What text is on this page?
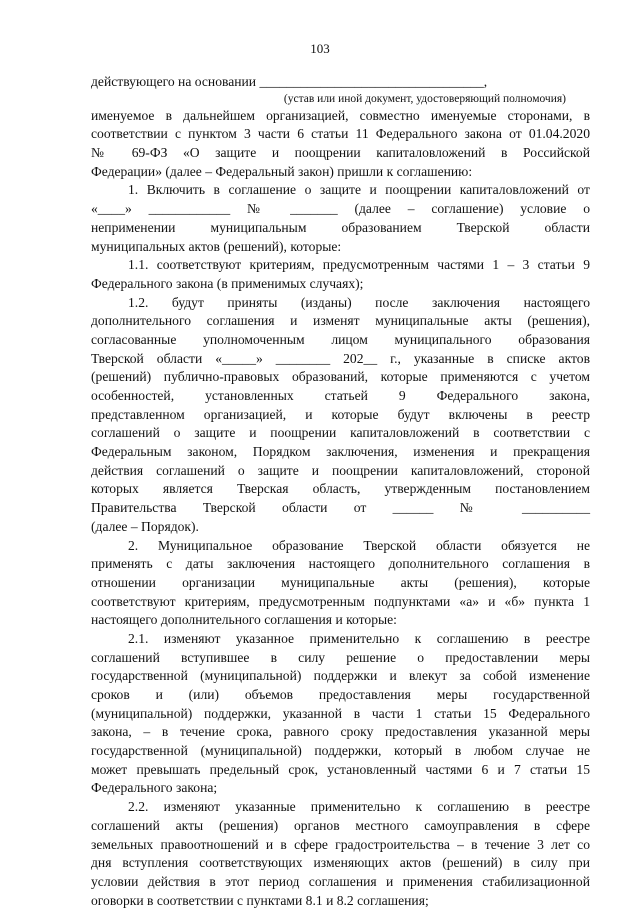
103
действующего на основании _________________________________,
(устав или иной документ, удостоверяющий полномочия)
именуемое в дальнейшем организацией, совместно именуемые сторонами, в
соответствии с пунктом 3 части 6 статьи 11 Федерального закона от 01.04.2020
№ 69-ФЗ «О защите и поощрении капиталовложений в Российской
Федерации» (далее – Федеральный закон) пришли к соглашению:
1. Включить в соглашение о защите и поощрении капиталовложений от
«____» ____________ № _______ (далее – соглашение) условие о
неприменении муниципальным образованием Тверской области
муниципальных актов (решений), которые:
1.1. соответствуют критериям, предусмотренным частями 1 – 3 статьи 9
Федерального закона (в применимых случаях);
1.2. будут приняты (изданы) после заключения настоящего
дополнительного соглашения и изменят муниципальные акты (решения),
согласованные уполномоченным лицом муниципального образования
Тверской области «_____» ________ 202__ г., указанные в списке актов
(решений) публично-правовых образований, которые применяются с учетом
особенностей, установленных статьей 9 Федерального закона,
представленном организацией, и которые будут включены в реестр
соглашений о защите и поощрении капиталовложений в соответствии с
Федеральным законом, Порядком заключения, изменения и прекращения
действия соглашений о защите и поощрении капиталовложений, стороной
которых является Тверская область, утвержденным постановлением
Правительства Тверской области от ______ № __________
(далее – Порядок).
2. Муниципальное образование Тверской области обязуется не
применять с даты заключения настоящего дополнительного соглашения в
отношении организации муниципальные акты (решения), которые
соответствуют критериям, предусмотренным подпунктами «а» и «б» пункта 1
настоящего дополнительного соглашения и которые:
2.1. изменяют указанное применительно к соглашению в реестре
соглашений вступившее в силу решение о предоставлении меры
государственной (муниципальной) поддержки и влекут за собой изменение
сроков и (или) объемов предоставления меры государственной
(муниципальной) поддержки, указанной в части 1 статьи 15 Федерального
закона, – в течение срока, равного сроку предоставления указанной меры
государственной (муниципальной) поддержки, который в любом случае не
может превышать предельный срок, установленный частями 6 и 7 статьи 15
Федерального закона;
2.2. изменяют указанные применительно к соглашению в реестре
соглашений акты (решения) органов местного самоуправления в сфере
земельных правоотношений и в сфере градостроительства – в течение 3 лет со
дня вступления соответствующих изменяющих актов (решений) в силу при
условии действия в этот период соглашения и применения стабилизационной
оговорки в соответствии с пунктами 8.1 и 8.2 соглашения;
